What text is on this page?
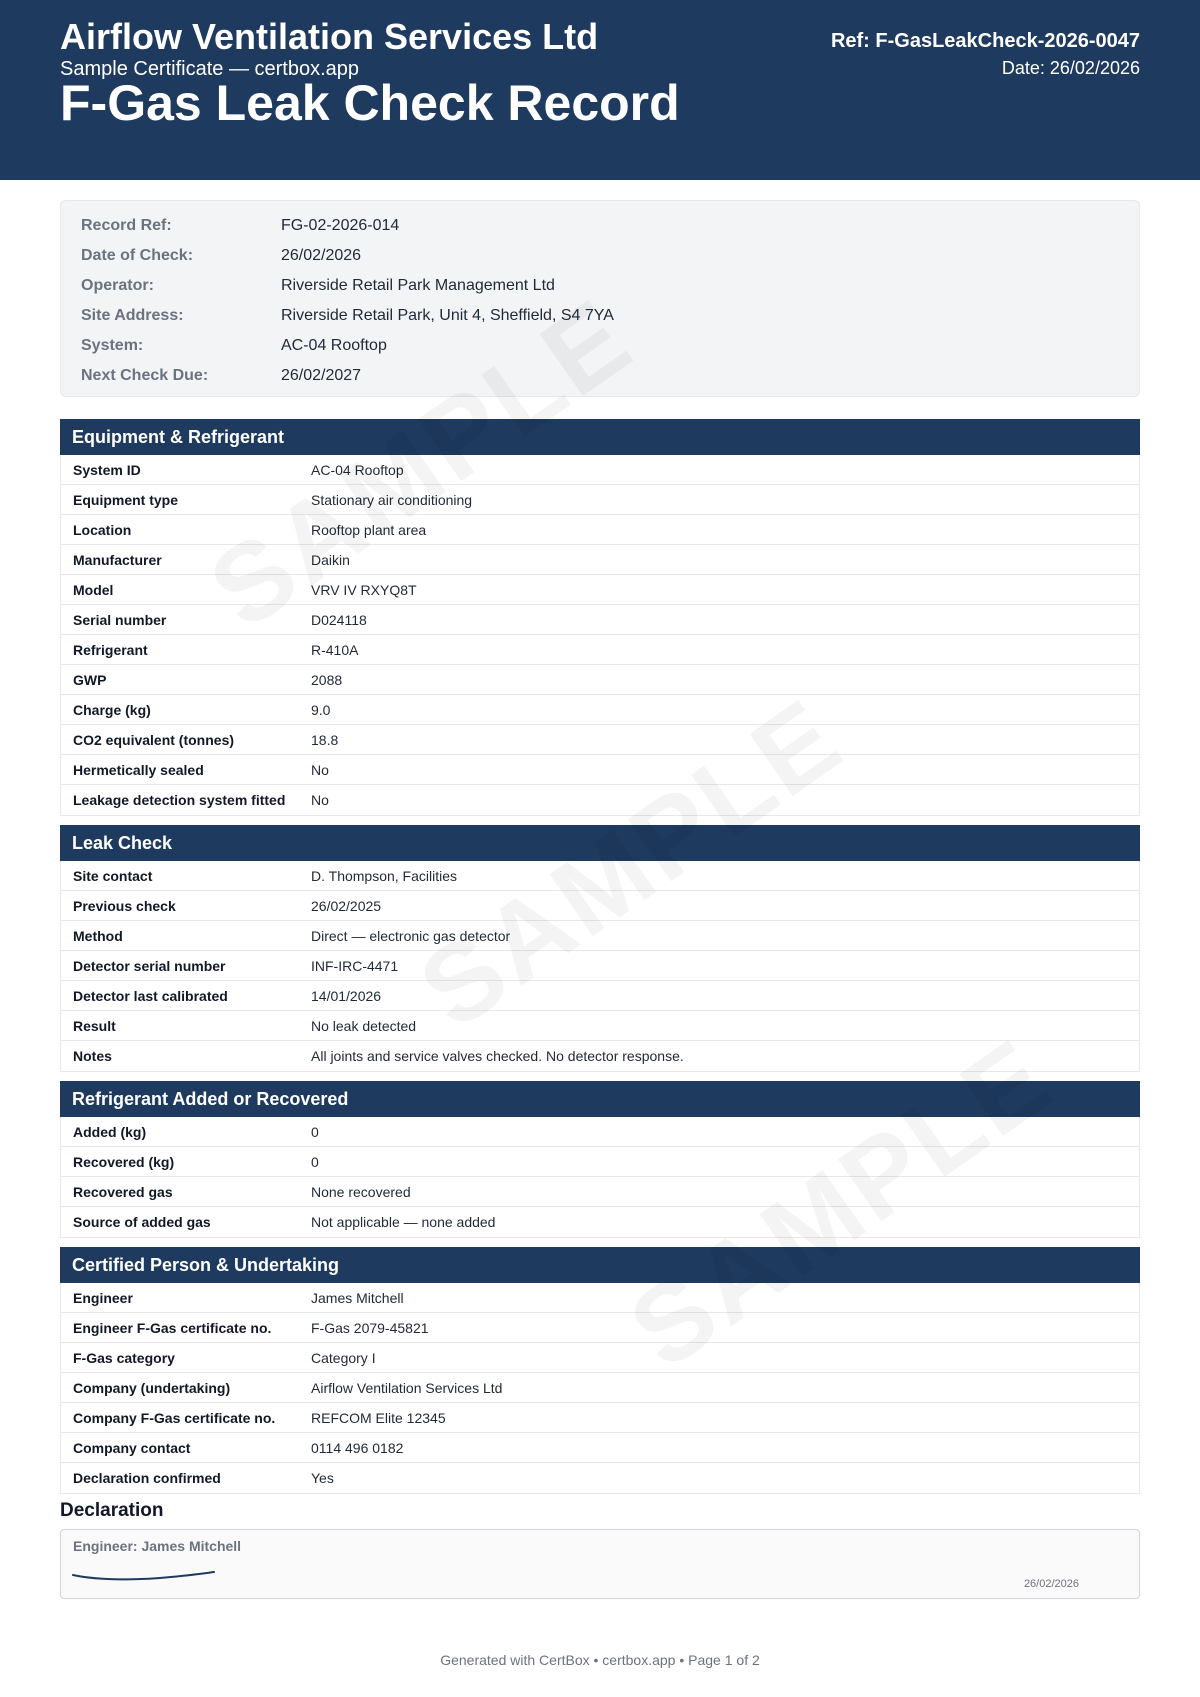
Airflow Ventilation Services Ltd
Sample Certificate — certbox.app
F-Gas Leak Check Record
Ref: F-GasLeakCheck-2026-0047
Date: 26/02/2026
Record Ref:	FG-02-2026-014
Date of Check:	26/02/2026
Operator:	Riverside Retail Park Management Ltd
Site Address:	Riverside Retail Park, Unit 4, Sheffield, S4 7YA
System:	AC-04 Rooftop
Next Check Due:	26/02/2027
Equipment & Refrigerant
System ID	AC-04 Rooftop
Equipment type	Stationary air conditioning
Location	Rooftop plant area
Manufacturer	Daikin
Model	VRV IV RXYQ8T
Serial number	D024118
Refrigerant	R-410A
GWP	2088
Charge (kg)	9.0
CO2 equivalent (tonnes)	18.8
Hermetically sealed	No
Leakage detection system fitted	No
Leak Check
Site contact	D. Thompson, Facilities
Previous check	26/02/2025
Method	Direct — electronic gas detector
Detector serial number	INF-IRC-4471
Detector last calibrated	14/01/2026
Result	No leak detected
Notes	All joints and service valves checked. No detector response.
Refrigerant Added or Recovered
Added (kg)	0
Recovered (kg)	0
Recovered gas	None recovered
Source of added gas	Not applicable — none added
Certified Person & Undertaking
Engineer	James Mitchell
Engineer F-Gas certificate no.	F-Gas 2079-45821
F-Gas category	Category I
Company (undertaking)	Airflow Ventilation Services Ltd
Company F-Gas certificate no.	REFCOM Elite 12345
Company contact	0114 496 0182
Declaration confirmed	Yes
Declaration
Engineer: James Mitchell
26/02/2026
Generated with CertBox • certbox.app • Page 1 of 2
